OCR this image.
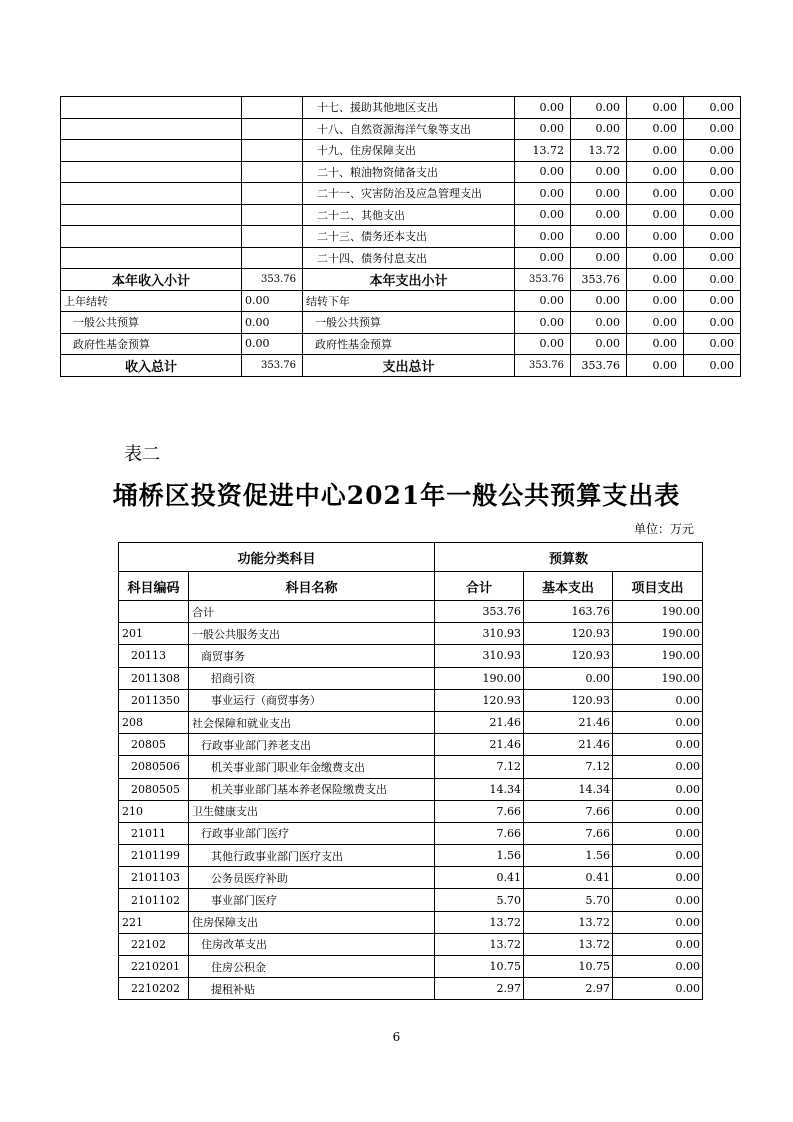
		十七、援助其他地区支出	0.00	0.00	0.00	0.00
		十八、自然资源海洋气象等支出	0.00	0.00	0.00	0.00
		十九、住房保障支出	13.72	13.72	0.00	0.00
		二十、粮油物资储备支出	0.00	0.00	0.00	0.00
		二十一、灾害防治及应急管理支出	0.00	0.00	0.00	0.00
		二十二、其他支出	0.00	0.00	0.00	0.00
		二十三、债务还本支出	0.00	0.00	0.00	0.00
		二十四、债务付息支出	0.00	0.00	0.00	0.00
本年收入小计	353.76	本年支出小计	353.76	353.76	0.00	0.00
上年结转	0.00	结转下年	0.00	0.00	0.00	0.00
一般公共预算	0.00	一般公共预算	0.00	0.00	0.00	0.00
政府性基金预算	0.00	政府性基金预算	0.00	0.00	0.00	0.00
收入总计	353.76	支出总计	353.76	353.76	0.00	0.00
表二
埇桥区投资促进中心2021年一般公共预算支出表
单位：万元
功能分类科目		预算数		
科目编码	科目名称	合计	基本支出	项目支出
	合计	353.76	163.76	190.00
201	一般公共服务支出	310.93	120.93	190.00
20113	商贸事务	310.93	120.93	190.00
2011308	招商引资	190.00	0.00	190.00
2011350	事业运行（商贸事务）	120.93	120.93	0.00
208	社会保障和就业支出	21.46	21.46	0.00
20805	行政事业部门养老支出	21.46	21.46	0.00
2080506	机关事业部门职业年金缴费支出	7.12	7.12	0.00
2080505	机关事业部门基本养老保险缴费支出	14.34	14.34	0.00
210	卫生健康支出	7.66	7.66	0.00
21011	行政事业部门医疗	7.66	7.66	0.00
2101199	其他行政事业部门医疗支出	1.56	1.56	0.00
2101103	公务员医疗补助	0.41	0.41	0.00
2101102	事业部门医疗	5.70	5.70	0.00
221	住房保障支出	13.72	13.72	0.00
22102	住房改革支出	13.72	13.72	0.00
2210201	住房公积金	10.75	10.75	0.00
2210202	提租补贴	2.97	2.97	0.00
6
